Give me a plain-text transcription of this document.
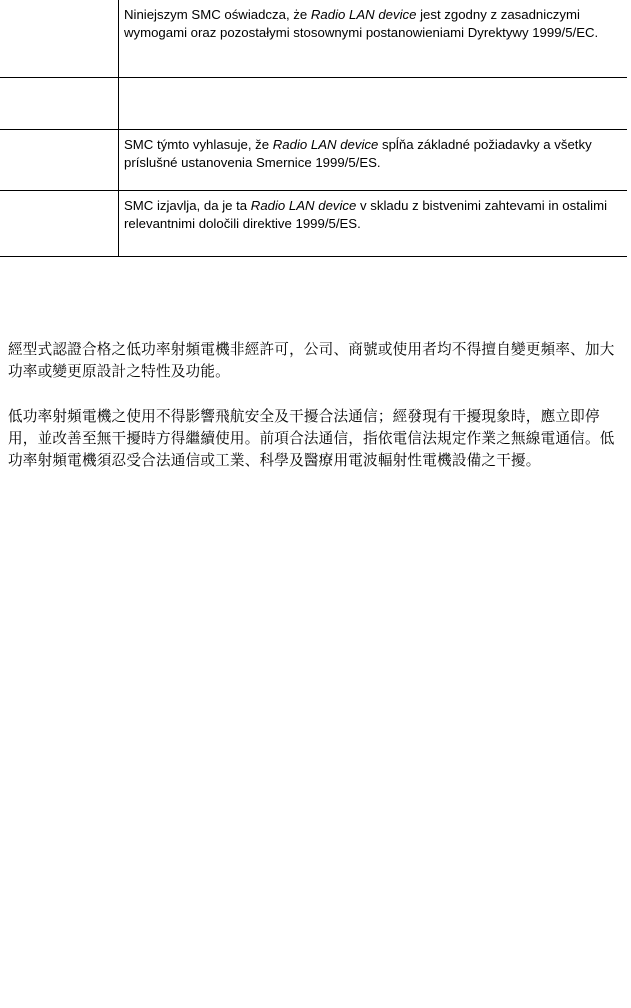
	Niniejszym SMC oświadcza, że Radio LAN device jest zgodny z zasadniczymi wymogami oraz pozostałymi stosownymi postanowieniami Dyrektywy 1999/5/EC.

	SMC týmto vyhlasuje, že Radio LAN device spĺňa základné požiadavky a všetky príslušné ustanovenia Smernice 1999/5/ES.

	SMC izjavlja, da je ta Radio LAN device v skladu z bistvenimi zahtevami in ostalimi relevantnimi določili direktive 1999/5/ES.

經型式認證合格之低功率射頻電機非經許可，公司、商號或使用者均不得擅自變更頻率、加大功率或變更原設計之特性及功能。

低功率射頻電機之使用不得影響飛航安全及干擾合法通信；經發現有干擾現象時，應立即停用，並改善至無干擾時方得繼續使用。前項合法通信，指依電信法規定作業之無線電通信。低功率射頻電機須忍受合法通信或工業、科學及醫療用電波輻射性電機設備之干擾。
